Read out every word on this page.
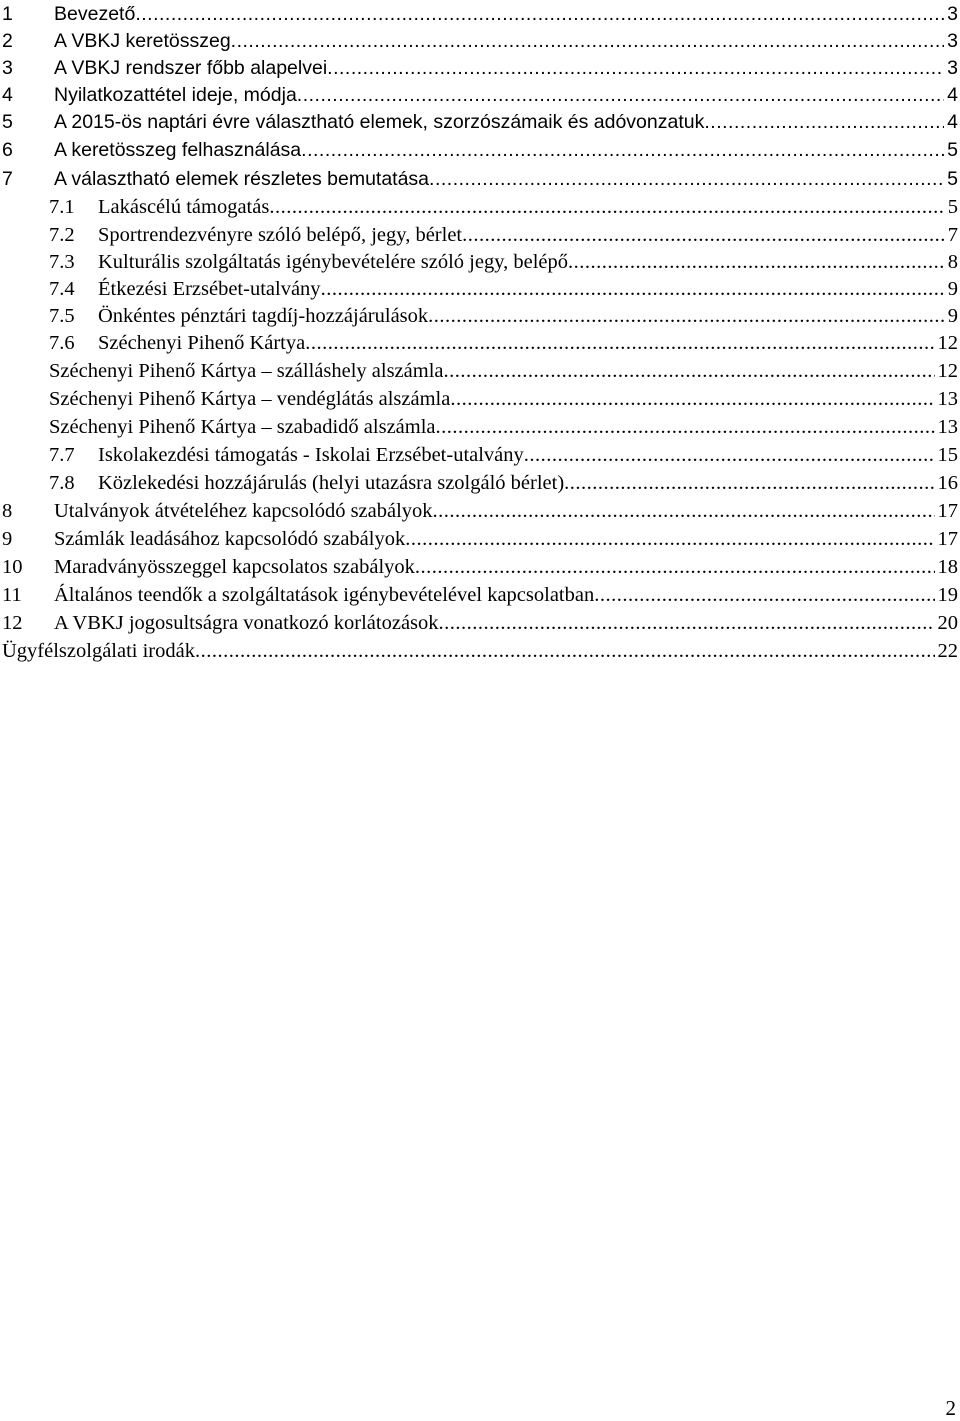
1 Bevezető .....	3
2 A VBKJ keretösszeg .....	3
3 A VBKJ rendszer főbb alapelvei .....	3
4 Nyilatkozattétel ideje, módja .....	4
5 A 2015-ös naptári évre választható elemek, szorzószámaik és adóvonzatuk .....	4
6 A keretösszeg felhasználása .....	5
7 A választható elemek részletes bemutatása .....	5
7.1 Lakáscélú támogatás .....	5
7.2 Sportrendezvényre szóló belépő, jegy, bérlet .....	7
7.3 Kulturális szolgáltatás igénybevételére szóló jegy, belépő .....	8
7.4 Étkezési Erzsébet-utalvány .....	9
7.5 Önkéntes pénztári tagdíj-hozzájárulások .....	9
7.6 Széchenyi Pihenő Kártya .....	12
Széchenyi Pihenő Kártya – szálláshely alszámla .....	12
Széchenyi Pihenő Kártya – vendéglátás alszámla .....	13
Széchenyi Pihenő Kártya – szabadidő alszámla .....	13
7.7 Iskolakezdési támogatás - Iskolai Erzsébet-utalvány .....	15
7.8 Közlekedési hozzájárulás (helyi utazásra szolgáló bérlet) .....	16
8 Utalványok átvételéhez kapcsolódó szabályok .....	17
9 Számlák leadásához kapcsolódó szabályok .....	17
10 Maradványösszeggel kapcsolatos szabályok .....	18
11 Általános teendők a szolgáltatások igénybevételével kapcsolatban .....	19
12 A VBKJ jogosultságra vonatkozó korlátozások .....	20
Ügyfélszolgálati irodák .....	22
2
